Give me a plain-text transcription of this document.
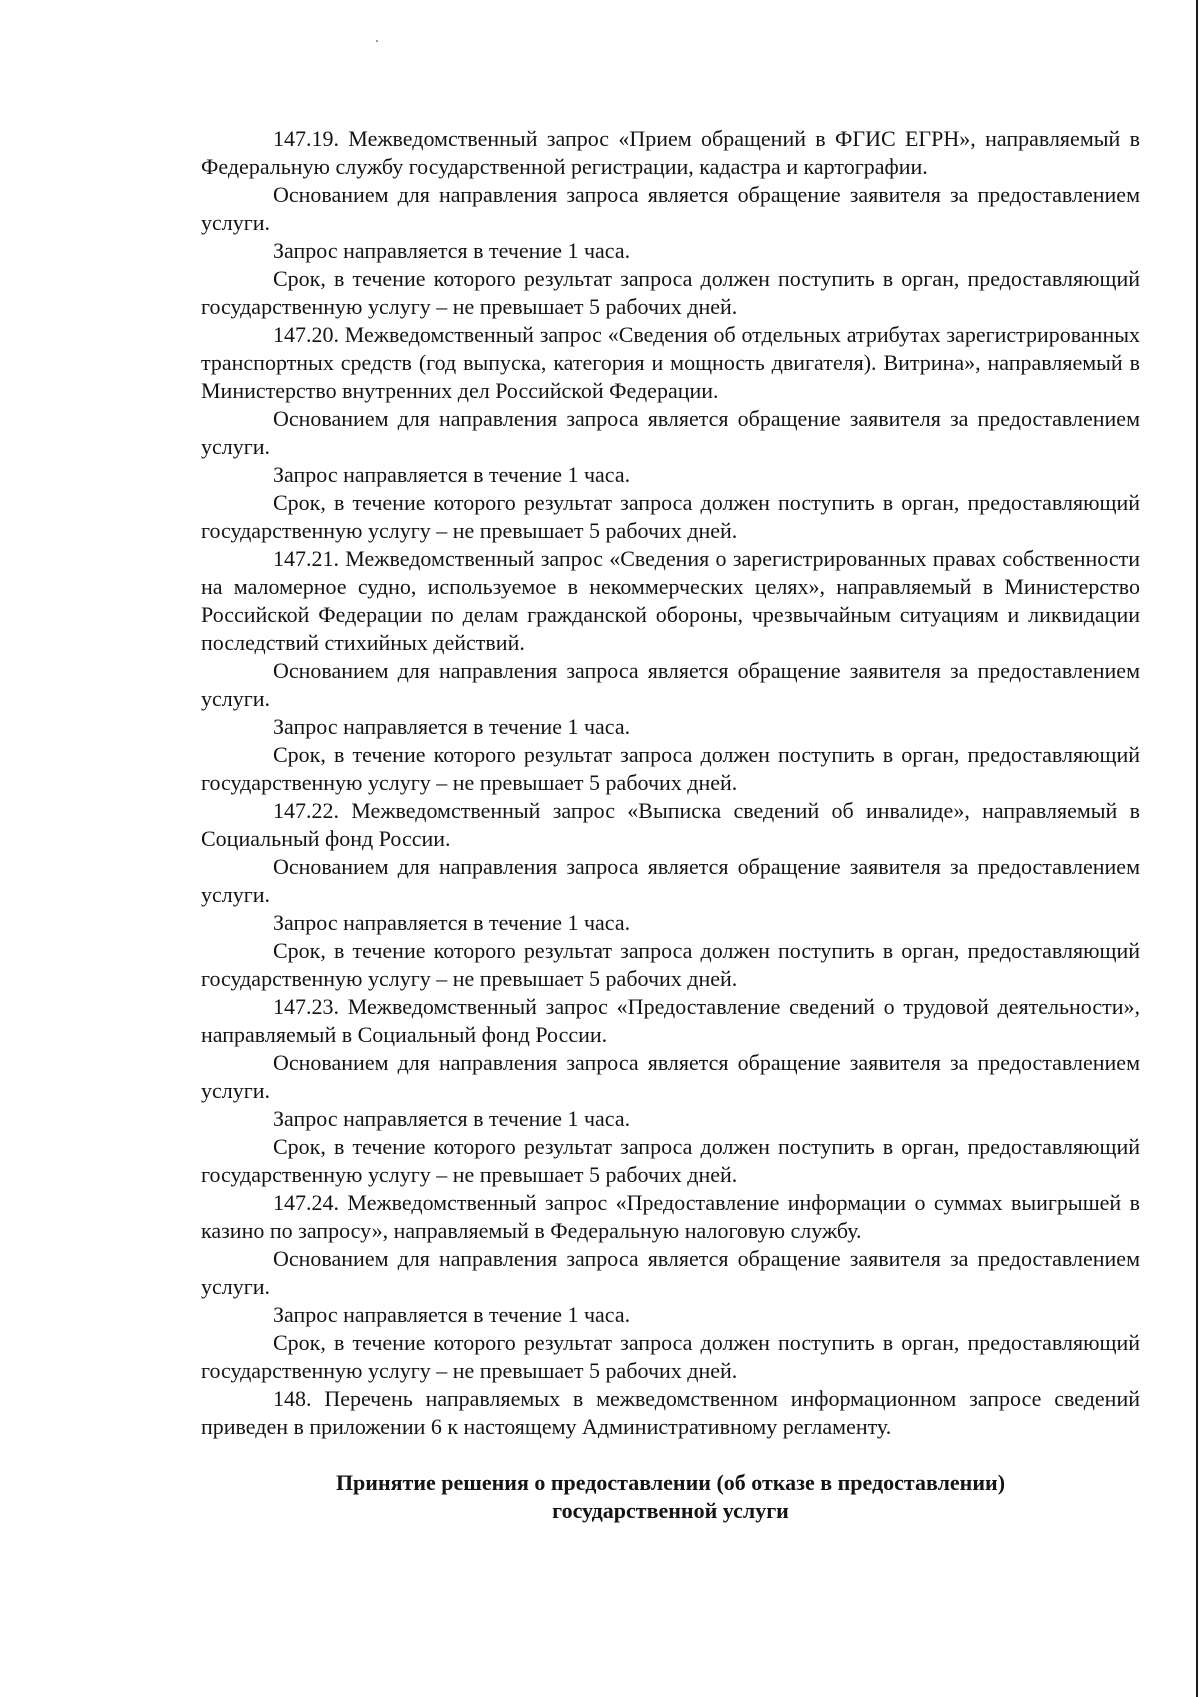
147.19. Межведомственный запрос «Прием обращений в ФГИС ЕГРН», направляемый в Федеральную службу государственной регистрации, кадастра и картографии.

Основанием для направления запроса является обращение заявителя за предоставлением услуги.

Запрос направляется в течение 1 часа.

Срок, в течение которого результат запроса должен поступить в орган, предоставляющий государственную услугу – не превышает 5 рабочих дней.

147.20. Межведомственный запрос «Сведения об отдельных атрибутах зарегистрированных транспортных средств (год выпуска, категория и мощность двигателя). Витрина», направляемый в Министерство внутренних дел Российской Федерации.

Основанием для направления запроса является обращение заявителя за предоставлением услуги.

Запрос направляется в течение 1 часа.

Срок, в течение которого результат запроса должен поступить в орган, предоставляющий государственную услугу – не превышает 5 рабочих дней.

147.21. Межведомственный запрос «Сведения о зарегистрированных правах собственности на маломерное судно, используемое в некоммерческих целях», направляемый в Министерство Российской Федерации по делам гражданской обороны, чрезвычайным ситуациям и ликвидации последствий стихийных действий.

Основанием для направления запроса является обращение заявителя за предоставлением услуги.

Запрос направляется в течение 1 часа.

Срок, в течение которого результат запроса должен поступить в орган, предоставляющий государственную услугу – не превышает 5 рабочих дней.

147.22. Межведомственный запрос «Выписка сведений об инвалиде», направляемый в Социальный фонд России.

Основанием для направления запроса является обращение заявителя за предоставлением услуги.

Запрос направляется в течение 1 часа.

Срок, в течение которого результат запроса должен поступить в орган, предоставляющий государственную услугу – не превышает 5 рабочих дней.

147.23. Межведомственный запрос «Предоставление сведений о трудовой деятельности», направляемый в Социальный фонд России.

Основанием для направления запроса является обращение заявителя за предоставлением услуги.

Запрос направляется в течение 1 часа.

Срок, в течение которого результат запроса должен поступить в орган, предоставляющий государственную услугу – не превышает 5 рабочих дней.

147.24. Межведомственный запрос «Предоставление информации о суммах выигрышей в казино по запросу», направляемый в Федеральную налоговую службу.

Основанием для направления запроса является обращение заявителя за предоставлением услуги.

Запрос направляется в течение 1 часа.

Срок, в течение которого результат запроса должен поступить в орган, предоставляющий государственную услугу – не превышает 5 рабочих дней.

148. Перечень направляемых в межведомственном информационном запросе сведений приведен в приложении 6 к настоящему Административному регламенту.

Принятие решения о предоставлении (об отказе в предоставлении)
государственной услуги
